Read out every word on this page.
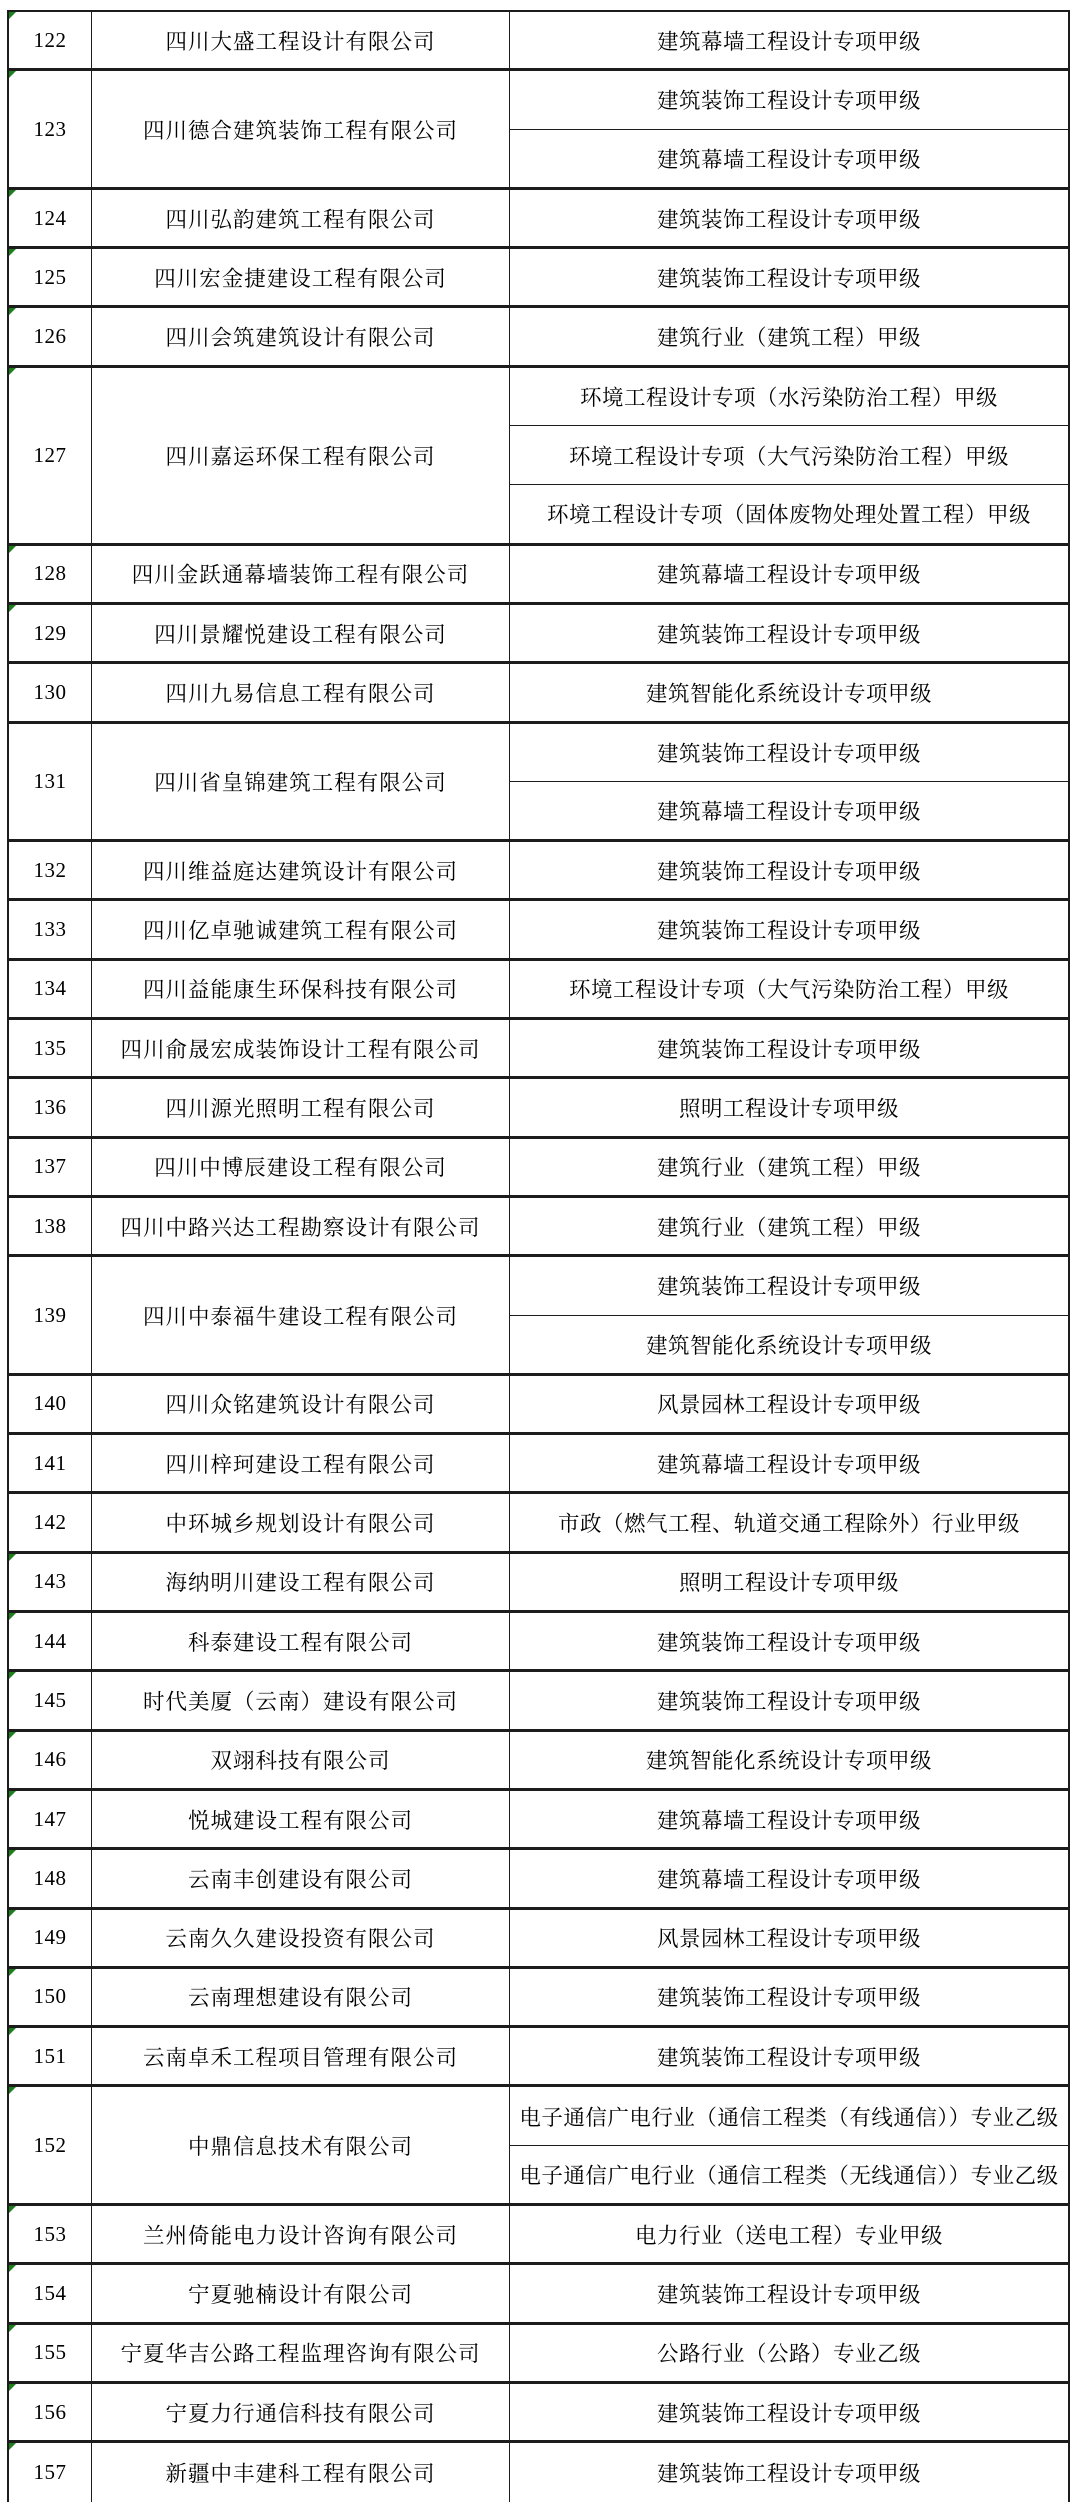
122	四川大盛工程设计有限公司	建筑幕墙工程设计专项甲级
123	四川德合建筑装饰工程有限公司
建筑装饰工程设计专项甲级
建筑幕墙工程设计专项甲级
124	四川弘韵建筑工程有限公司	建筑装饰工程设计专项甲级
125	四川宏金捷建设工程有限公司	建筑装饰工程设计专项甲级
126	四川会筑建筑设计有限公司	建筑行业（建筑工程）甲级
127	四川嘉运环保工程有限公司
环境工程设计专项（水污染防治工程）甲级
环境工程设计专项（大气污染防治工程）甲级
环境工程设计专项（固体废物处理处置工程）甲级
128	四川金跃通幕墙装饰工程有限公司	建筑幕墙工程设计专项甲级
129	四川景耀悦建设工程有限公司	建筑装饰工程设计专项甲级
130	四川九易信息工程有限公司	建筑智能化系统设计专项甲级
131	四川省皇锦建筑工程有限公司
建筑装饰工程设计专项甲级
建筑幕墙工程设计专项甲级
132	四川维益庭达建筑设计有限公司	建筑装饰工程设计专项甲级
133	四川亿卓驰诚建筑工程有限公司	建筑装饰工程设计专项甲级
134	四川益能康生环保科技有限公司	环境工程设计专项（大气污染防治工程）甲级
135	四川俞晟宏成装饰设计工程有限公司	建筑装饰工程设计专项甲级
136	四川源光照明工程有限公司	照明工程设计专项甲级
137	四川中博辰建设工程有限公司	建筑行业（建筑工程）甲级
138	四川中路兴达工程勘察设计有限公司	建筑行业（建筑工程）甲级
139	四川中泰福牛建设工程有限公司
建筑装饰工程设计专项甲级
建筑智能化系统设计专项甲级
140	四川众铭建筑设计有限公司	风景园林工程设计专项甲级
141	四川梓珂建设工程有限公司	建筑幕墙工程设计专项甲级
142	中环城乡规划设计有限公司	市政（燃气工程、轨道交通工程除外）行业甲级
143	海纳明川建设工程有限公司	照明工程设计专项甲级
144	科泰建设工程有限公司	建筑装饰工程设计专项甲级
145	时代美厦（云南）建设有限公司	建筑装饰工程设计专项甲级
146	双翊科技有限公司	建筑智能化系统设计专项甲级
147	悦城建设工程有限公司	建筑幕墙工程设计专项甲级
148	云南丰创建设有限公司	建筑幕墙工程设计专项甲级
149	云南久久建设投资有限公司	风景园林工程设计专项甲级
150	云南理想建设有限公司	建筑装饰工程设计专项甲级
151	云南卓禾工程项目管理有限公司	建筑装饰工程设计专项甲级
152	中鼎信息技术有限公司
电子通信广电行业（通信工程类（有线通信））专业乙级
电子通信广电行业（通信工程类（无线通信））专业乙级
153	兰州倚能电力设计咨询有限公司	电力行业（送电工程）专业甲级
154	宁夏驰楠设计有限公司	建筑装饰工程设计专项甲级
155	宁夏华吉公路工程监理咨询有限公司	公路行业（公路）专业乙级
156	宁夏力行通信科技有限公司	建筑装饰工程设计专项甲级
157	新疆中丰建科工程有限公司	建筑装饰工程设计专项甲级
